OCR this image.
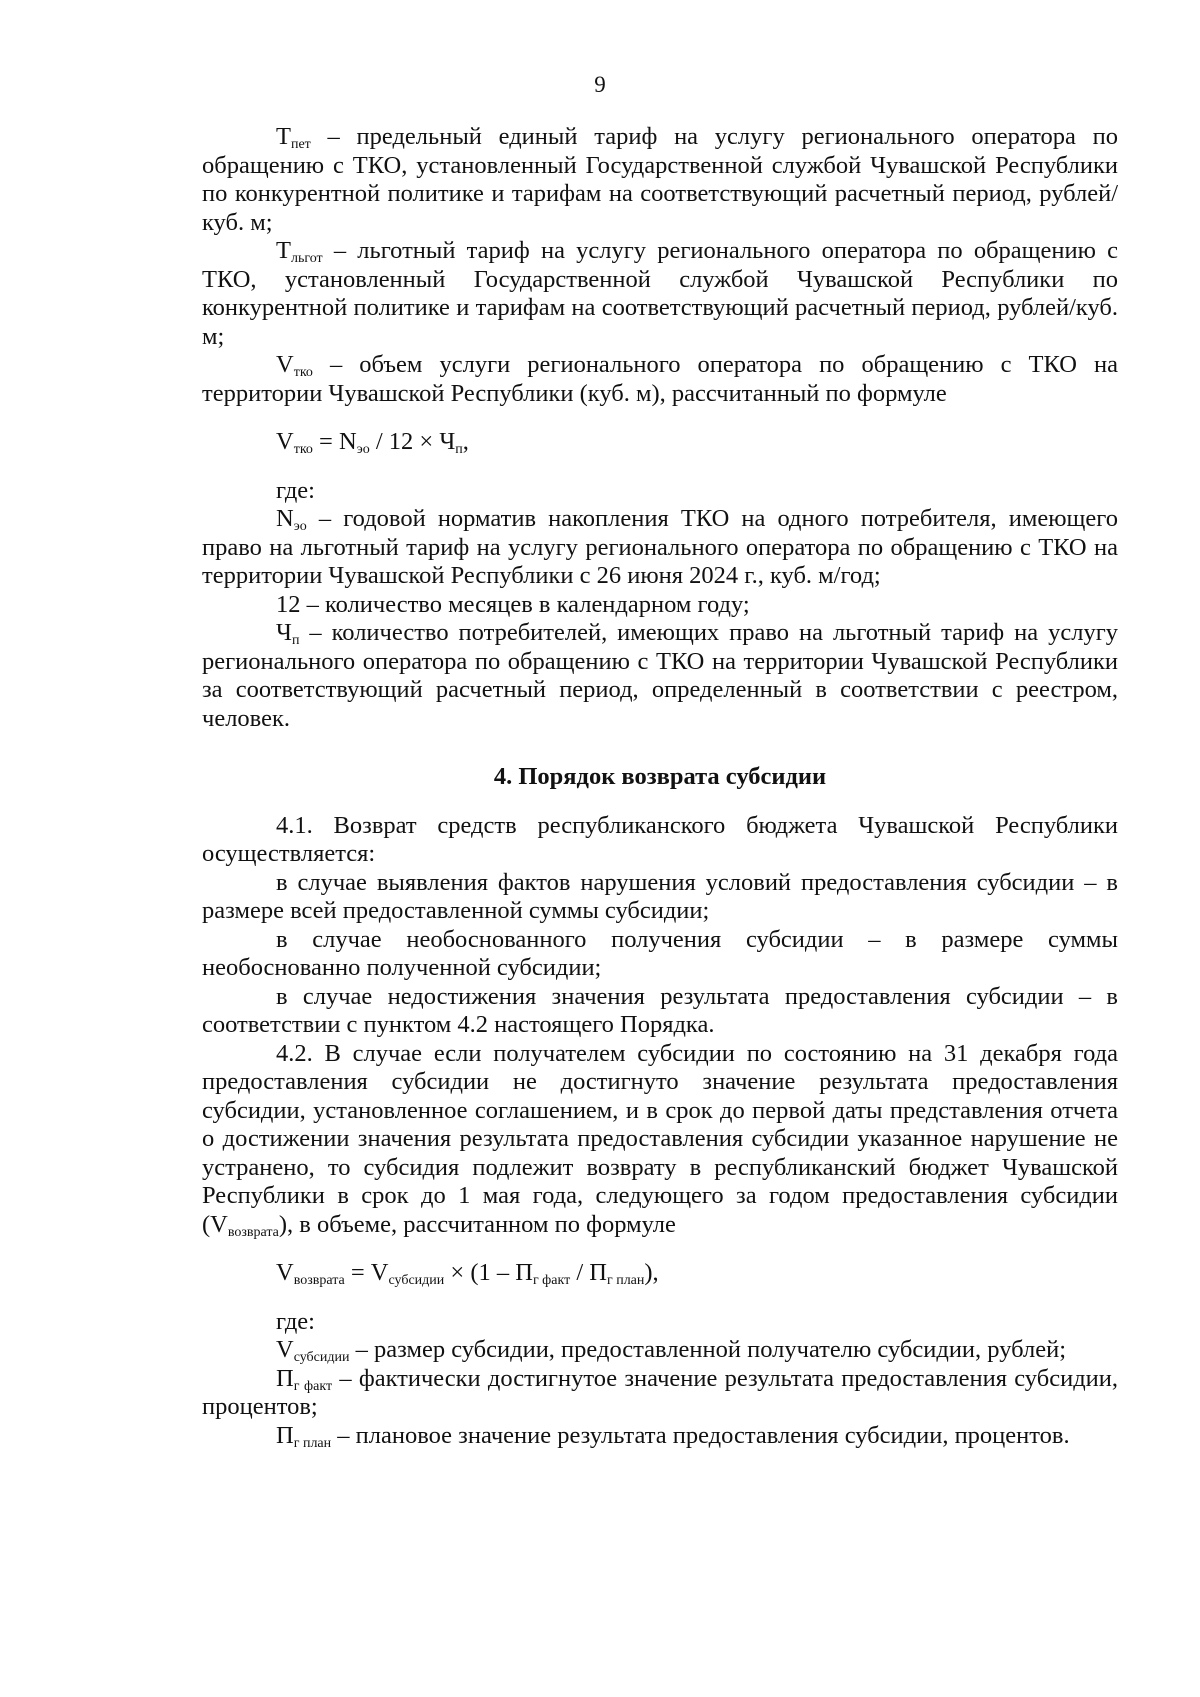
9

$Т_{пет}$ – предельный единый тариф на услугу регионального оператора по обращению с ТКО, установленный Государственной службой Чувашской Республики по конкурентной политике и тарифам на соответствующий расчетный период, рублей/куб. м;

$Т_{льгот}$ – льготный тариф на услугу регионального оператора по обращению с ТКО, установленный Государственной службой Чувашской Республики по конкурентной политике и тарифам на соответствующий расчетный период, рублей/куб. м;

$V_{тко}$ – объем услуги регионального оператора по обращению с ТКО на территории Чувашской Республики (куб. м), рассчитанный по формуле

$V_{тко} = N_{эо} / 12 \times Ч_п$,
где:

$N_{эо}$ – годовой норматив накопления ТКО на одного потребителя, имеющего право на льготный тариф на услугу регионального оператора по обращению с ТКО на территории Чувашской Республики с 26 июня 2024 г., куб. м/год;

12 – количество месяцев в календарном году;

$Ч_п$ – количество потребителей, имеющих право на льготный тариф на услугу регионального оператора по обращению с ТКО на территории Чувашской Республики за соответствующий расчетный период, определенный в соответствии с реестром, человек.

4. Порядок возврата субсидии

4.1. Возврат средств республиканского бюджета Чувашской Республики осуществляется:

в случае выявления фактов нарушения условий предоставления субсидии – в размере всей предоставленной суммы субсидии;

в случае необоснованного получения субсидии – в размере суммы необоснованно полученной субсидии;

в случае недостижения значения результата предоставления субсидии – в соответствии с пунктом 4.2 настоящего Порядка.

4.2. В случае если получателем субсидии по состоянию на 31 декабря года предоставления субсидии не достигнуто значение результата предоставления субсидии, установленное соглашением, и в срок до первой даты представления отчета о достижении значения результата предоставления субсидии указанное нарушение не устранено, то субсидия подлежит возврату в республиканский бюджет Чувашской Республики в срок до 1 мая года, следующего за годом предоставления субсидии $(V_{возврата})$, в объеме, рассчитанном по формуле

$V_{возврата} = V_{субсидии} \times (1 - П_{г факт} / П_{г план})$,
где:

$V_{субсидии}$ – размер субсидии, предоставленной получателю субсидии, рублей;

$П_{г факт}$ – фактически достигнутое значение результата предоставления субсидии, процентов;

$П_{г план}$ – плановое значение результата предоставления субсидии, процентов.
